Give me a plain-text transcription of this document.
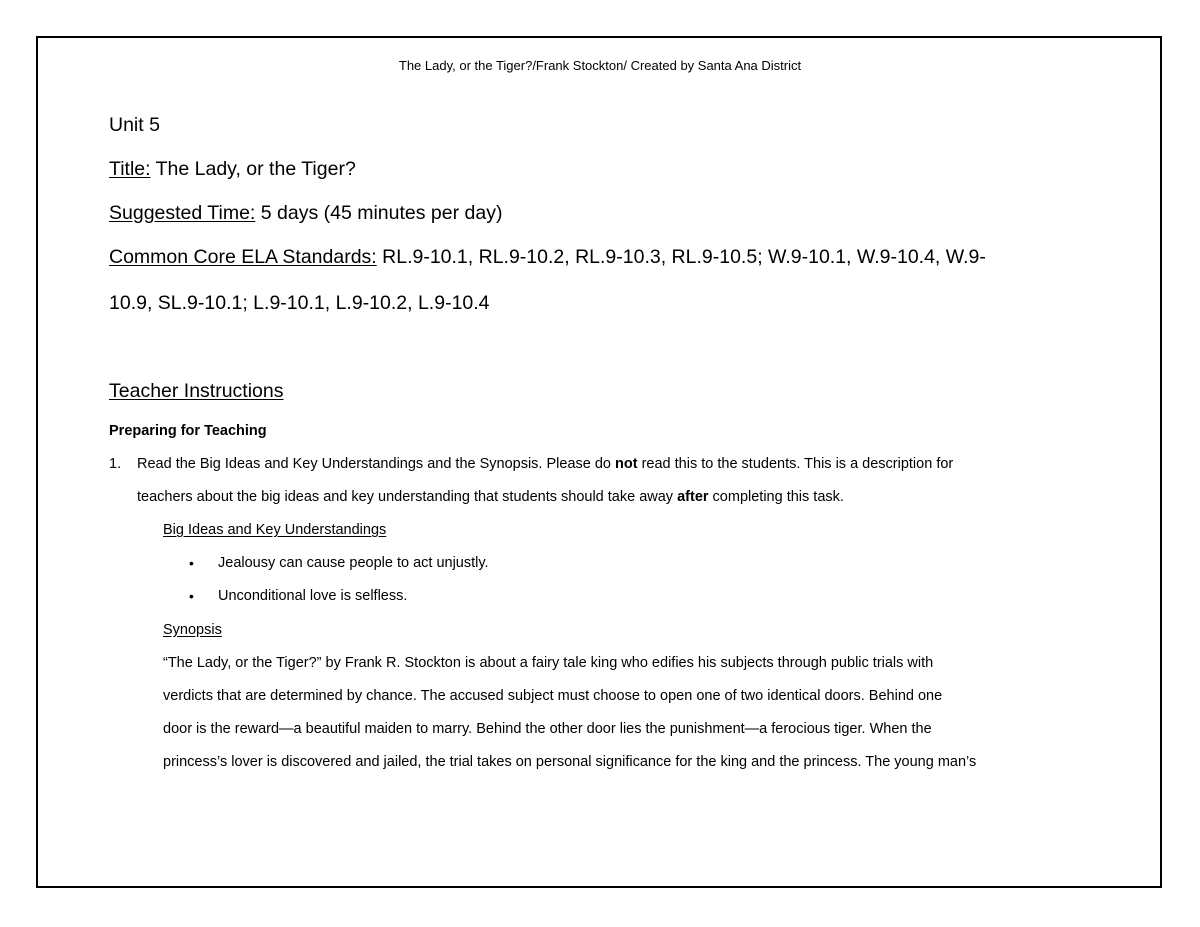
The Lady, or the Tiger?/Frank Stockton/ Created by Santa Ana District
Unit 5
Title: The Lady, or the Tiger?
Suggested Time: 5 days (45 minutes per day)
Common Core ELA Standards: RL.9-10.1, RL.9-10.2, RL.9-10.3, RL.9-10.5; W.9-10.1, W.9-10.4, W.9-
10.9, SL.9-10.1; L.9-10.1, L.9-10.2, L.9-10.4
Teacher Instructions
Preparing for Teaching
1. Read the Big Ideas and Key Understandings and the Synopsis. Please do not read this to the students. This is a description for
teachers about the big ideas and key understanding that students should take away after completing this task.
Big Ideas and Key Understandings
• Jealousy can cause people to act unjustly.
• Unconditional love is selfless.
Synopsis
“The Lady, or the Tiger?” by Frank R. Stockton is about a fairy tale king who edifies his subjects through public trials with
verdicts that are determined by chance. The accused subject must choose to open one of two identical doors. Behind one
door is the reward—a beautiful maiden to marry. Behind the other door lies the punishment—a ferocious tiger. When the
princess’s lover is discovered and jailed, the trial takes on personal significance for the king and the princess. The young man’s
